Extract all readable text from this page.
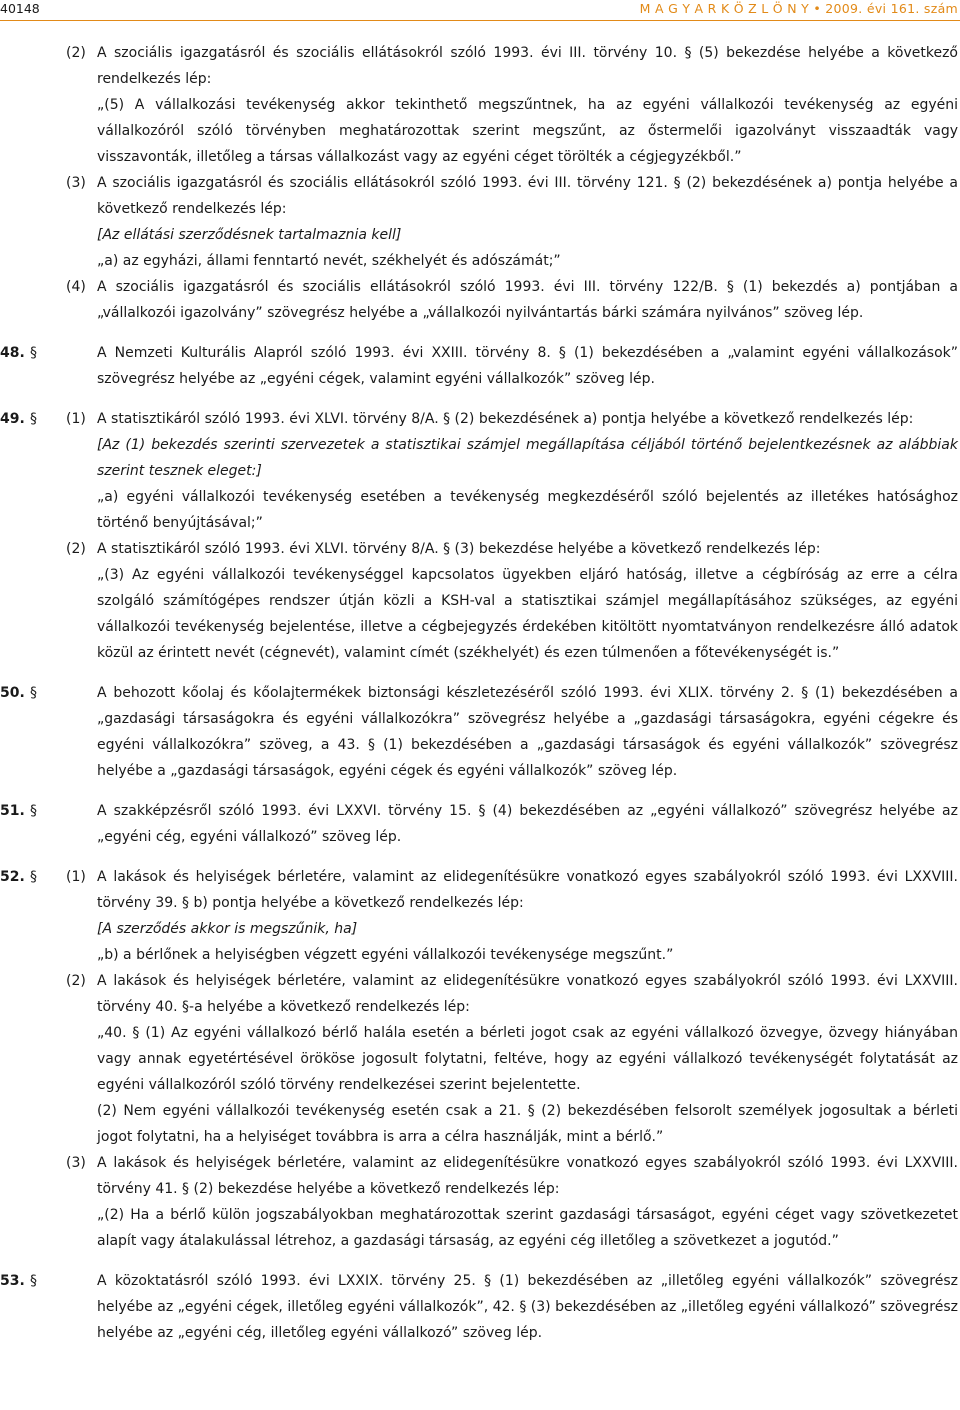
40148	M A G Y A R K Ö Z L Ö N Y • 2009. évi 161. szám
(2) A szociális igazgatásról és szociális ellátásokról szóló 1993. évi III. törvény 10. § (5) bekezdése helyébe a következő rendelkezés lép:

„(5) A vállalkozási tevékenység akkor tekinthető megszűntnek, ha az egyéni vállalkozói tevékenység az egyéni vállalkozóról szóló törvényben meghatározottak szerint megszűnt, az őstermelői igazolványt visszaadták vagy visszavonták, illetőleg a társas vállalkozást vagy az egyéni céget törölték a cégjegyzékből.”

(3) A szociális igazgatásról és szociális ellátásokról szóló 1993. évi III. törvény 121. § (2) bekezdésének a) pontja helyébe a következő rendelkezés lép:

[Az ellátási szerződésnek tartalmaznia kell]

„a) az egyházi, állami fenntartó nevét, székhelyét és adószámát;”

(4) A szociális igazgatásról és szociális ellátásokról szóló 1993. évi III. törvény 122/B. § (1) bekezdés a) pontjában a „vállalkozói igazolvány” szövegrész helyébe a „vállalkozói nyilvántartás bárki számára nyilvános” szöveg lép.

48. §	A Nemzeti Kulturális Alapról szóló 1993. évi XXIII. törvény 8. § (1) bekezdésében a „valamint egyéni vállalkozások” szövegrész helyébe az „egyéni cégek, valamint egyéni vállalkozók” szöveg lép.

49. § (1) A statisztikáról szóló 1993. évi XLVI. törvény 8/A. § (2) bekezdésének a) pontja helyébe a következő rendelkezés lép:

[Az (1) bekezdés szerinti szervezetek a statisztikai számjel megállapítása céljából történő bejelentkezésnek az alábbiak szerint tesznek eleget:]

„a) egyéni vállalkozói tevékenység esetében a tevékenység megkezdéséről szóló bejelentés az illetékes hatósághoz történő benyújtásával;”

(2) A statisztikáról szóló 1993. évi XLVI. törvény 8/A. § (3) bekezdése helyébe a következő rendelkezés lép:

„(3) Az egyéni vállalkozói tevékenységgel kapcsolatos ügyekben eljáró hatóság, illetve a cégbíróság az erre a célra szolgáló számítógépes rendszer útján közli a KSH-val a statisztikai számjel megállapításához szükséges, az egyéni vállalkozói tevékenység bejelentése, illetve a cégbejegyzés érdekében kitöltött nyomtatványon rendelkezésre álló adatok közül az érintett nevét (cégnevét), valamint címét (székhelyét) és ezen túlmenően a főtevékenységét is.”

50. §	A behozott kőolaj és kőolajtermékek biztonsági készletezéséről szóló 1993. évi XLIX. törvény 2. § (1) bekezdésében a „gazdasági társaságokra és egyéni vállalkozókra” szövegrész helyébe a „gazdasági társaságokra, egyéni cégekre és egyéni vállalkozókra” szöveg, a 43. § (1) bekezdésében a „gazdasági társaságok és egyéni vállalkozók” szövegrész helyébe a „gazdasági társaságok, egyéni cégek és egyéni vállalkozók” szöveg lép.

51. §	A szakképzésről szóló 1993. évi LXXVI. törvény 15. § (4) bekezdésében az „egyéni vállalkozó” szövegrész helyébe az „egyéni cég, egyéni vállalkozó” szöveg lép.

52. § (1) A lakások és helyiségek bérletére, valamint az elidegenítésükre vonatkozó egyes szabályokról szóló 1993. évi LXXVIII. törvény 39. § b) pontja helyébe a következő rendelkezés lép:

[A szerződés akkor is megszűnik, ha]

„b) a bérlőnek a helyiségben végzett egyéni vállalkozói tevékenysége megszűnt.”

(2) A lakások és helyiségek bérletére, valamint az elidegenítésükre vonatkozó egyes szabályokról szóló 1993. évi LXXVIII. törvény 40. §-a helyébe a következő rendelkezés lép:

„40. § (1) Az egyéni vállalkozó bérlő halála esetén a bérleti jogot csak az egyéni vállalkozó özvegye, özvegy hiányában vagy annak egyetértésével örököse jogosult folytatni, feltéve, hogy az egyéni vállalkozó tevékenységét folytatását az egyéni vállalkozóról szóló törvény rendelkezései szerint bejelentette.

(2) Nem egyéni vállalkozói tevékenység esetén csak a 21. § (2) bekezdésében felsorolt személyek jogosultak a bérleti jogot folytatni, ha a helyiséget továbbra is arra a célra használják, mint a bérlő.”

(3) A lakások és helyiségek bérletére, valamint az elidegenítésükre vonatkozó egyes szabályokról szóló 1993. évi LXXVIII. törvény 41. § (2) bekezdése helyébe a következő rendelkezés lép:

„(2) Ha a bérlő külön jogszabályokban meghatározottak szerint gazdasági társaságot, egyéni céget vagy szövetkezetet alapít vagy átalakulással létrehoz, a gazdasági társaság, az egyéni cég illetőleg a szövetkezet a jogutód.”

53. §	A közoktatásról szóló 1993. évi LXXIX. törvény 25. § (1) bekezdésében az „illetőleg egyéni vállalkozók” szövegrész helyébe az „egyéni cégek, illetőleg egyéni vállalkozók”, 42. § (3) bekezdésében az „illetőleg egyéni vállalkozó” szövegrész helyébe az „egyéni cég, illetőleg egyéni vállalkozó” szöveg lép.
